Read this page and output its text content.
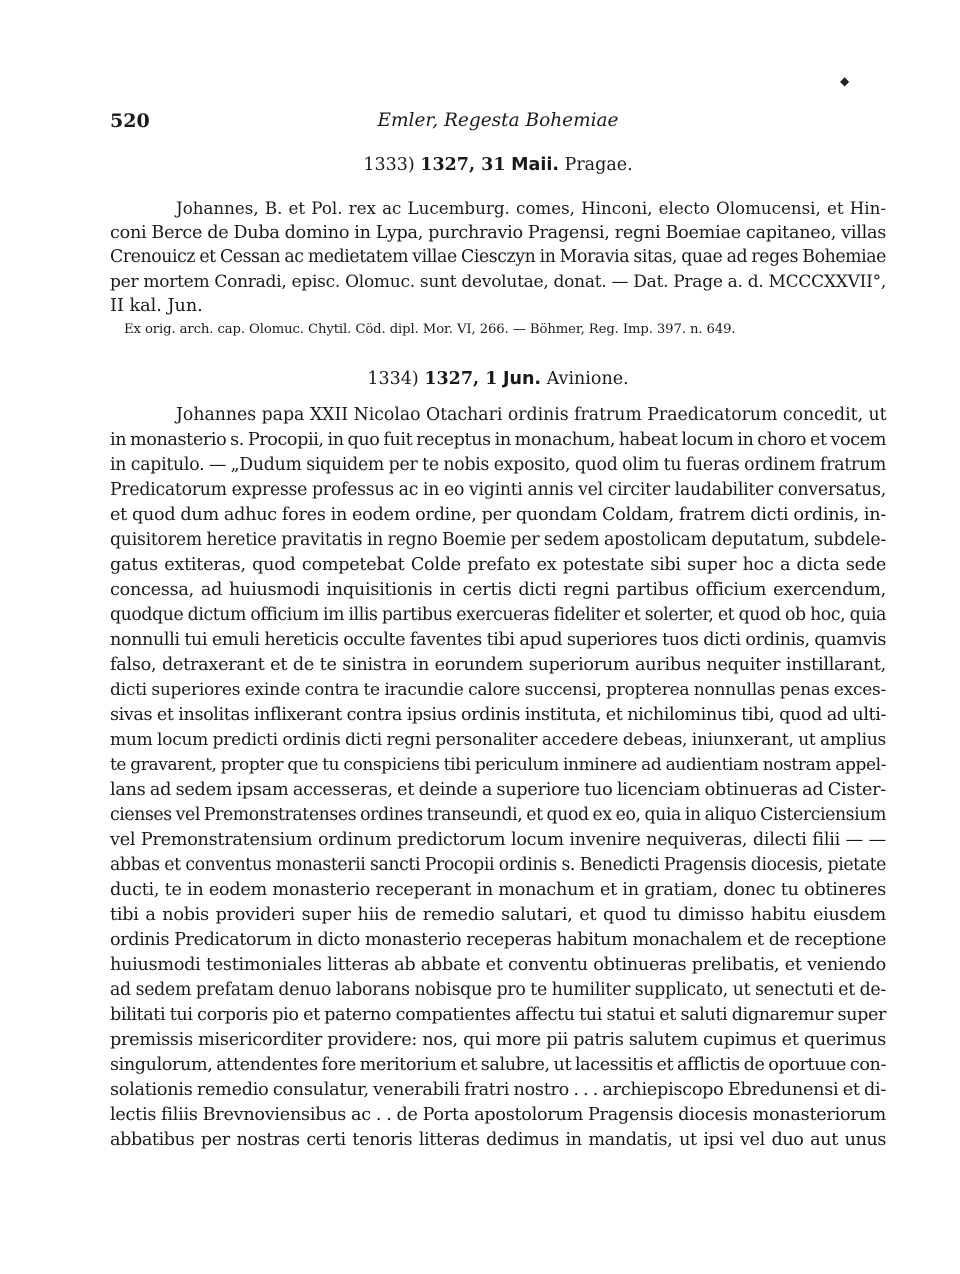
◆
520	Emler, Regesta Bohemiae
1333) 1327, 31 Maii. Pragae.
Johannes, B. et Pol. rex ac Lucemburg. comes, Hinconi, electo Olomucensi, et Hin-
coni Berce de Duba domino in Lypa, purchravio Pragensi, regni Boemiae capitaneo, villas
Crenouicz et Cessan ac medietatem villae Ciesczyn in Moravia sitas, quae ad reges Bohemiae
per mortem Conradi, episc. Olomuc. sunt devolutae, donat. — Dat. Prage a. d. MCCCXXVII°,
II kal. Jun.
Ex orig. arch. cap. Olomuc. Chytil. Cöd. dipl. Mor. VI, 266. — Böhmer, Reg. Imp. 397. n. 649.
1334) 1327, 1 Jun. Avinione.
Johannes papa XXII Nicolao Otachari ordinis fratrum Praedicatorum concedit, ut
in monasterio s. Procopii, in quo fuit receptus in monachum, habeat locum in choro et vocem
in capitulo. — „Dudum siquidem per te nobis exposito, quod olim tu fueras ordinem fratrum
Predicatorum expresse professus ac in eo viginti annis vel circiter laudabiliter conversatus,
et quod dum adhuc fores in eodem ordine, per quondam Coldam, fratrem dicti ordinis, in-
quisitorem heretice pravitatis in regno Boemie per sedem apostolicam deputatum, subdele-
gatus extiteras, quod competebat Colde prefato ex potestate sibi super hoc a dicta sede
concessa, ad huiusmodi inquisitionis in certis dicti regni partibus officium exercendum,
quodque dictum officium im illis partibus exercueras fideliter et solerter, et quod ob hoc, quia
nonnulli tui emuli hereticis occulte faventes tibi apud superiores tuos dicti ordinis, quamvis
falso, detraxerant et de te sinistra in eorundem superiorum auribus nequiter instillarant,
dicti superiores exinde contra te iracundie calore succensi, propterea nonnullas penas exces-
sivas et insolitas inflixerant contra ipsius ordinis instituta, et nichilominus tibi, quod ad ulti-
mum locum predicti ordinis dicti regni personaliter accedere debeas, iniunxerant, ut amplius
te gravarent, propter que tu conspiciens tibi periculum inminere ad audientiam nostram appel-
lans ad sedem ipsam accesseras, et deinde a superiore tuo licenciam obtinueras ad Cister-
cienses vel Premonstratenses ordines transeundi, et quod ex eo, quia in aliquo Cisterciensium
vel Premonstratensium ordinum predictorum locum invenire nequiveras, dilecti filii — —
abbas et conventus monasterii sancti Procopii ordinis s. Benedicti Pragensis diocesis, pietate
ducti, te in eodem monasterio receperant in monachum et in gratiam, donec tu obtineres
tibi a nobis provideri super hiis de remedio salutari, et quod tu dimisso habitu eiusdem
ordinis Predicatorum in dicto monasterio receperas habitum monachalem et de receptione
huiusmodi testimoniales litteras ab abbate et conventu obtinueras prelibatis, et veniendo
ad sedem prefatam denuo laborans nobisque pro te humiliter supplicato, ut senectuti et de-
bilitati tui corporis pio et paterno compatientes affectu tui statui et saluti dignaremur super
premissis misericorditer providere: nos, qui more pii patris salutem cupimus et querimus
singulorum, attendentes fore meritorium et salubre, ut lacessitis et afflictis de oportuue con-
solationis remedio consulatur, venerabili fratri nostro . . . archiepiscopo Ebredunensi et di-
lectis filiis Brevnoviensibus ac . . de Porta apostolorum Pragensis diocesis monasteriorum
abbatibus per nostras certi tenoris litteras dedimus in mandatis, ut ipsi vel duo aut unus
